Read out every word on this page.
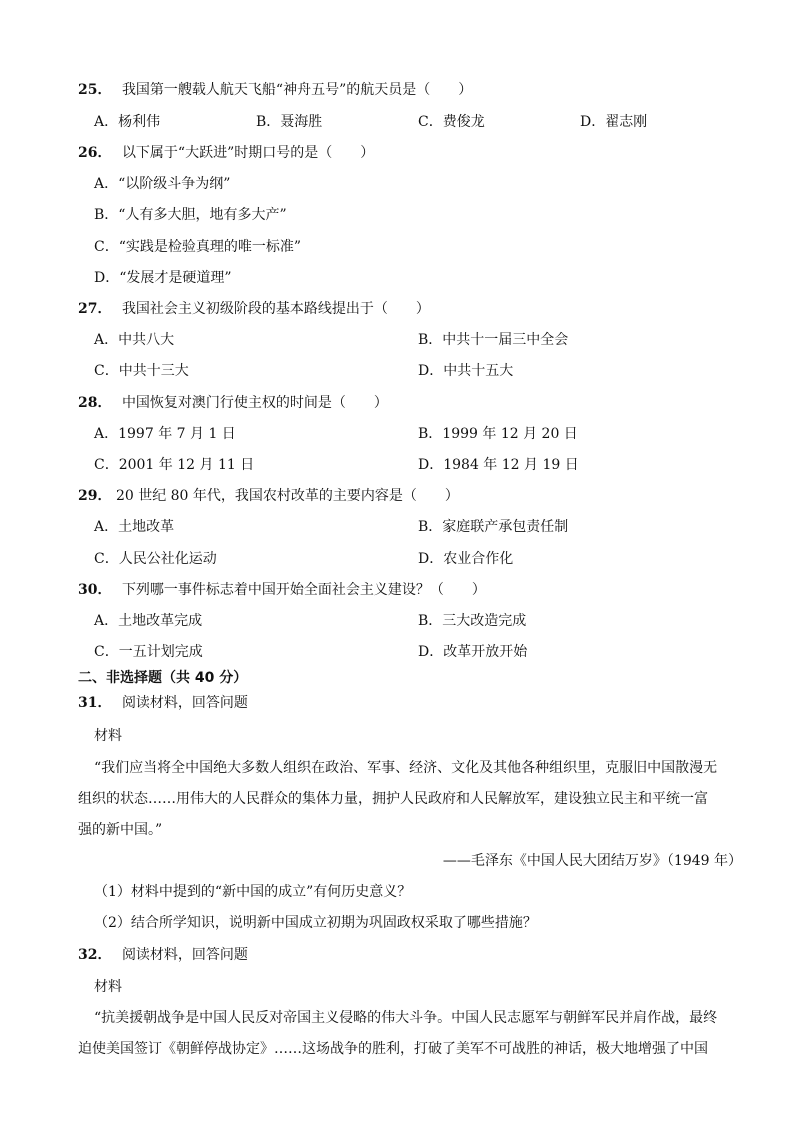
25． 我国第一艘载人航天飞船“神舟五号”的航天员是（　　）
A．杨利伟	B．聂海胜	C．费俊龙	D．翟志刚
26． 以下属于“大跃进”时期口号的是（　　）
A．“以阶级斗争为纲”
B．“人有多大胆，地有多大产”
C．“实践是检验真理的唯一标准”
D．“发展才是硬道理”
27． 我国社会主义初级阶段的基本路线提出于（　　）
A．中共八大	B．中共十一届三中全会
C．中共十三大	D．中共十五大
28． 中国恢复对澳门行使主权的时间是（　　）
A．1997 年 7 月 1 日	B．1999 年 12 月 20 日
C．2001 年 12 月 11 日	D．1984 年 12 月 19 日
29． 20 世纪 80 年代，我国农村改革的主要内容是（　　）
A．土地改革	B．家庭联产承包责任制
C．人民公社化运动	D．农业合作化
30． 下列哪一事件标志着中国开始全面社会主义建设？（　　）
A．土地改革完成	B．三大改造完成
C．一五计划完成	D．改革开放开始
二、非选择题（共 40 分）
31． 阅读材料，回答问题
材料
“我们应当将全中国绝大多数人组织在政治、军事、经济、文化及其他各种组织里，克服旧中国散漫无
组织的状态……用伟大的人民群众的集体力量，拥护人民政府和人民解放军，建设独立民主和平统一富
强的新中国。”
——毛泽东《中国人民大团结万岁》（1949 年）
（1）材料中提到的“新中国的成立”有何历史意义？
（2）结合所学知识，说明新中国成立初期为巩固政权采取了哪些措施？
32． 阅读材料，回答问题
材料
“抗美援朝战争是中国人民反对帝国主义侵略的伟大斗争。中国人民志愿军与朝鲜军民并肩作战，最终
迫使美国签订《朝鲜停战协定》……这场战争的胜利，打破了美军不可战胜的神话，极大地增强了中国
